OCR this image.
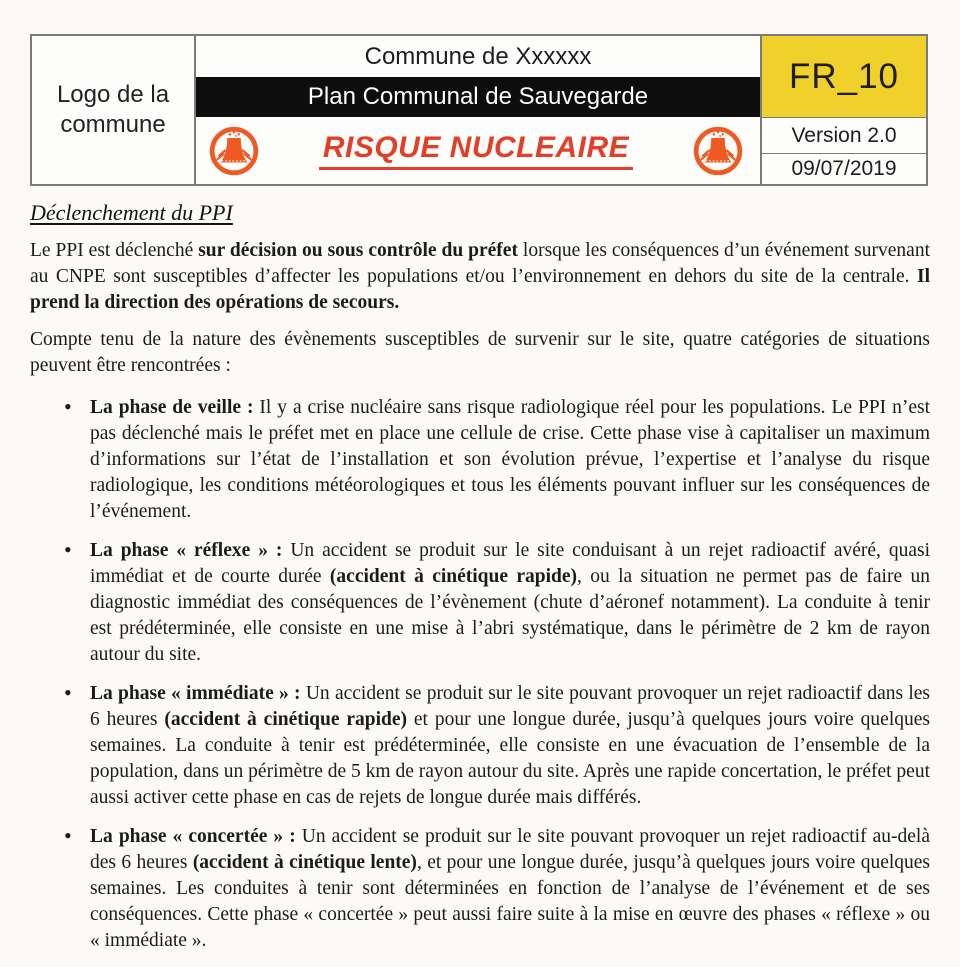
Logo de la commune
Commune de Xxxxxx
Plan Communal de Sauvegarde
RISQUE NUCLEAIRE
FR_10
Version 2.0
09/07/2019
Déclenchement du PPI

Le PPI est déclenché sur décision ou sous contrôle du préfet lorsque les conséquences d’un événement survenant au CNPE sont susceptibles d’affecter les populations et/ou l’environnement en dehors du site de la centrale. Il prend la direction des opérations de secours.

Compte tenu de la nature des évènements susceptibles de survenir sur le site, quatre catégories de situations peuvent être rencontrées :

• La phase de veille : Il y a crise nucléaire sans risque radiologique réel pour les populations. Le PPI n’est pas déclenché mais le préfet met en place une cellule de crise. Cette phase vise à capitaliser un maximum d’informations sur l’état de l’installation et son évolution prévue, l’expertise et l’analyse du risque radiologique, les conditions météorologiques et tous les éléments pouvant influer sur les conséquences de l’événement.
• La phase « réflexe » : Un accident se produit sur le site conduisant à un rejet radioactif avéré, quasi immédiat et de courte durée (accident à cinétique rapide), ou la situation ne permet pas de faire un diagnostic immédiat des conséquences de l’évènement (chute d’aéronef notamment). La conduite à tenir est prédéterminée, elle consiste en une mise à l’abri systématique, dans le périmètre de 2 km de rayon autour du site.
• La phase « immédiate » : Un accident se produit sur le site pouvant provoquer un rejet radioactif dans les 6 heures (accident à cinétique rapide) et pour une longue durée, jusqu’à quelques jours voire quelques semaines. La conduite à tenir est prédéterminée, elle consiste en une évacuation de l’ensemble de la population, dans un périmètre de 5 km de rayon autour du site. Après une rapide concertation, le préfet peut aussi activer cette phase en cas de rejets de longue durée mais différés.
• La phase « concertée » : Un accident se produit sur le site pouvant provoquer un rejet radioactif au-delà des 6 heures (accident à cinétique lente), et pour une longue durée, jusqu’à quelques jours voire quelques semaines. Les conduites à tenir sont déterminées en fonction de l’analyse de l’événement et de ses conséquences. Cette phase « concertée » peut aussi faire suite à la mise en œuvre des phases « réflexe » ou « immédiate ».
